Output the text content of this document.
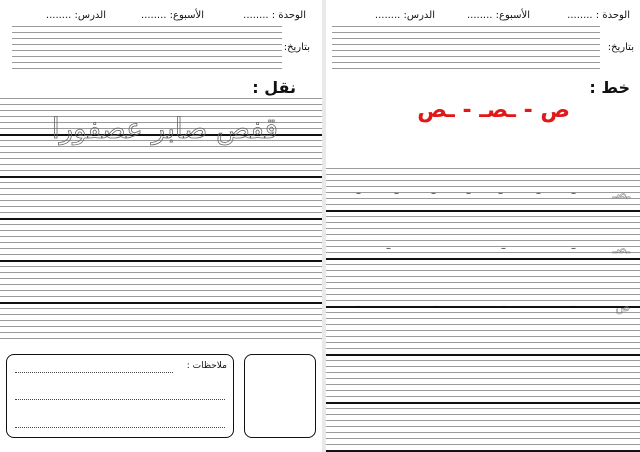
الوحدة : ........
الأسبوع: ........
الدرس: ........
بتاريخ:
خط :
ص - ـصـ - ـص
ـصـ
ـصـ
ص
–	–	–	–	–	–	–
–	–	–
–	–	–	–
الوحدة : ........
الأسبوع: ........
الدرس: ........
بتاريخ:
نقل :
قفص صابر عصفورا
ملاحظات :
